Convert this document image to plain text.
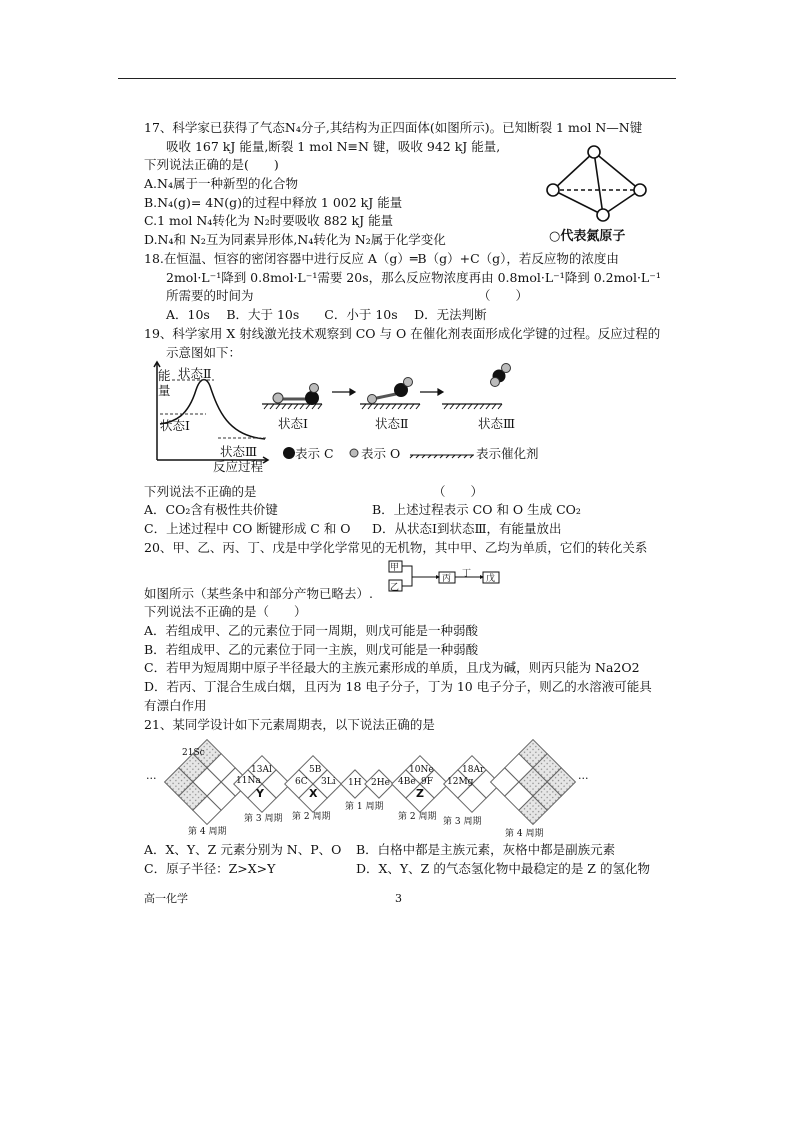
17、科学家已获得了气态N₄分子,其结构为正四面体(如图所示)。已知断裂 1 mol N—N键
吸收 167 kJ 能量,断裂 1 mol N≡N 键，吸收 942 kJ 能量,
下列说法正确的是(　　)
A.N₄属于一种新型的化合物
B.N₄(g)= 4N(g)的过程中释放 1 002 kJ 能量
C.1 mol N₄转化为 N₂时要吸收 882 kJ 能量
D.N₄和 N₂互为同素异形体,N₄转化为 N₂属于化学变化	○代表氮原子
18.在恒温、恒容的密闭容器中进行反应 A（g）═B（g）+C（g），若反应物的浓度由
2mol·L⁻¹降到 0.8mol·L⁻¹需要 20s，那么反应物浓度再由 0.8mol·L⁻¹降到 0.2mol·L⁻¹
所需要的时间为	（　　）
A．10s　 B．大于 10s　　C．小于 10s　 D．无法判断
19、科学家用 X 射线激光技术观察到 CO 与 O 在催化剂表面形成化学键的过程。反应过程的
示意图如下：
能量
状态Ⅱ
状态Ⅰ
状态Ⅲ
反应过程
状态Ⅰ	状态Ⅱ	状态Ⅲ
表示 C 表示 O	表示催化剂
下列说法不正确的是	（　　）
A．CO₂含有极性共价键	B．上述过程表示 CO 和 O 生成 CO₂
C．上述过程中 CO 断键形成 C 和 O D．从状态Ⅰ到状态Ⅲ，有能量放出
20、甲、乙、丙、丁、戊是中学化学常见的无机物，其中甲、乙均为单质，它们的转化关系
甲
乙
丙 丁 戊
如图所示（某些条中和部分产物已略去）.
下列说法不正确的是（　　）
A．若组成甲、乙的元素位于同一周期，则戊可能是一种弱酸
B．若组成甲、乙的元素位于同一主族，则戊可能是一种弱酸
C．若甲为短周期中原子半径最大的主族元素形成的单质，且戊为碱，则丙只能为 Na2O2
D．若丙、丁混合生成白烟，且丙为 18 电子分子，丁为 10 电子分子，则乙的水溶液可能具
有漂白作用
21、某同学设计如下元素周期表，以下说法正确的是
...	...
21Sc
13Al
11Na
Y
5B
6C 3Li
X
1H 2He
10Ne
4Be 9F
Z
18Ar
12Mg
第 4 周期
第 3 周期 第 2 周期
第 1 周期
第 2 周期 第 3 周期
第 4 周期
A．X、Y、Z 元素分别为 N、P、O B．白格中都是主族元素，灰格中都是副族元素
C．原子半径：Z>X>Y	D．X、Y、Z 的气态氢化物中最稳定的是 Z 的氢化物
高一化学	3
